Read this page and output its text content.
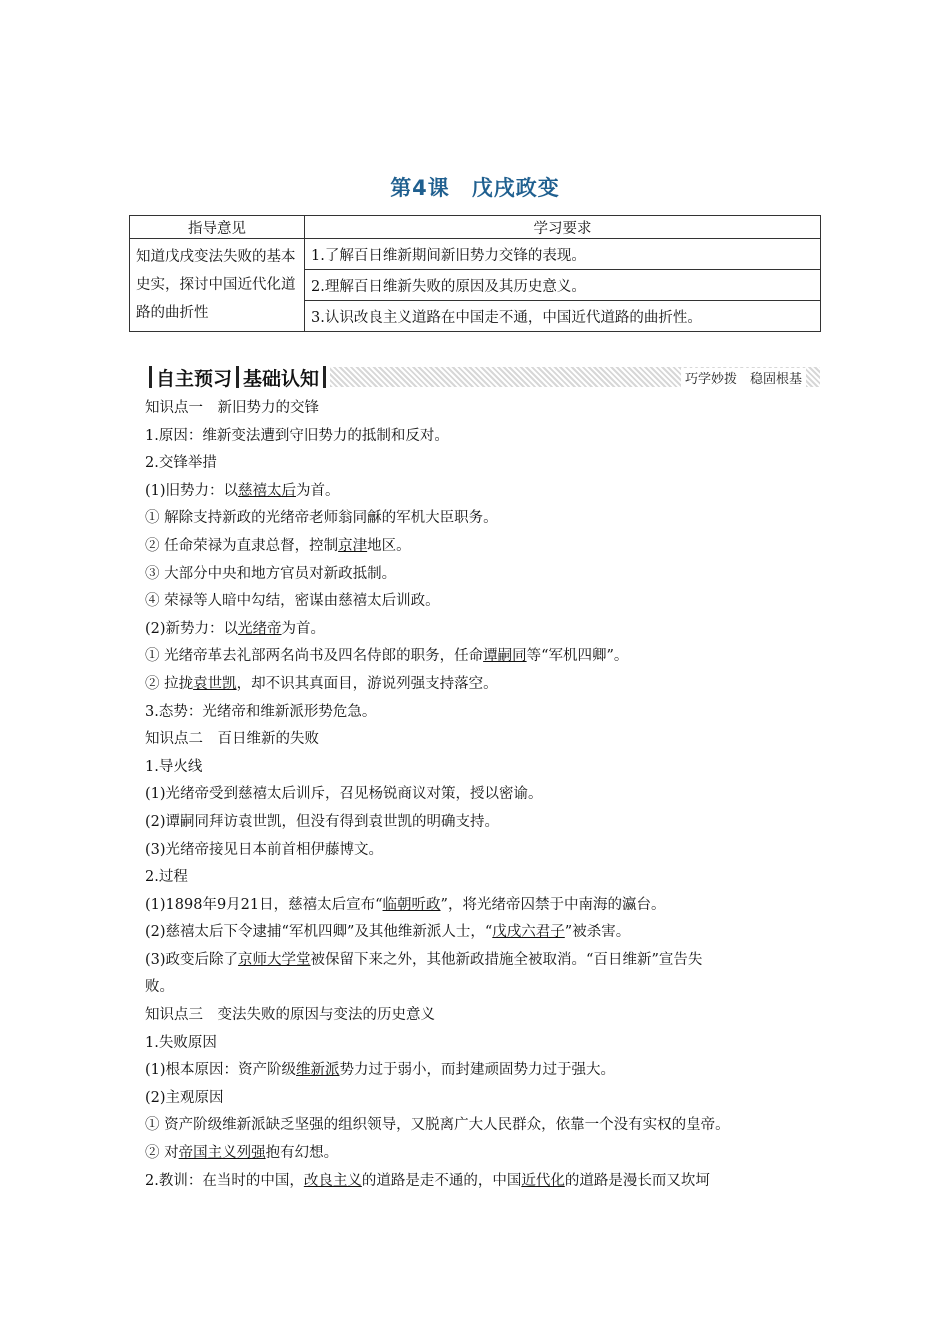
第4课　戊戌政变
指导意见	学习要求
知道戊戌变法失败的基本史实，探讨中国近代化道路的曲折性	1.了解百日维新期间新旧势力交锋的表现。
	2.理解百日维新失败的原因及其历史意义。
	3.认识改良主义道路在中国走不通，中国近代道路的曲折性。
自主预习 基础认知	巧学妙拨　稳固根基

知识点一　新旧势力的交锋

1.原因：维新变法遭到守旧势力的抵制和反对。

2.交锋举措

(1)旧势力：以慈禧太后为首。

① 解除支持新政的光绪帝老师翁同龢的军机大臣职务。

② 任命荣禄为直隶总督，控制京津地区。

③ 大部分中央和地方官员对新政抵制。

④ 荣禄等人暗中勾结，密谋由慈禧太后训政。

(2)新势力：以光绪帝为首。

① 光绪帝革去礼部两名尚书及四名侍郎的职务，任命谭嗣同等“军机四卿”。

② 拉拢袁世凯，却不识其真面目，游说列强支持落空。

3.态势：光绪帝和维新派形势危急。

知识点二　百日维新的失败

1.导火线

(1)光绪帝受到慈禧太后训斥，召见杨锐商议对策，授以密谕。

(2)谭嗣同拜访袁世凯，但没有得到袁世凯的明确支持。

(3)光绪帝接见日本前首相伊藤博文。

2.过程

(1)1898年9月21日，慈禧太后宣布“临朝听政”，将光绪帝囚禁于中南海的瀛台。

(2)慈禧太后下令逮捕“军机四卿”及其他维新派人士，“戊戌六君子”被杀害。

(3)政变后除了京师大学堂被保留下来之外，其他新政措施全被取消。“百日维新”宣告失

败。

知识点三　变法失败的原因与变法的历史意义

1.失败原因

(1)根本原因：资产阶级维新派势力过于弱小，而封建顽固势力过于强大。

(2)主观原因

① 资产阶级维新派缺乏坚强的组织领导，又脱离广大人民群众，依靠一个没有实权的皇帝。

② 对帝国主义列强抱有幻想。

2.教训：在当时的中国，改良主义的道路是走不通的，中国近代化的道路是漫长而又坎坷
